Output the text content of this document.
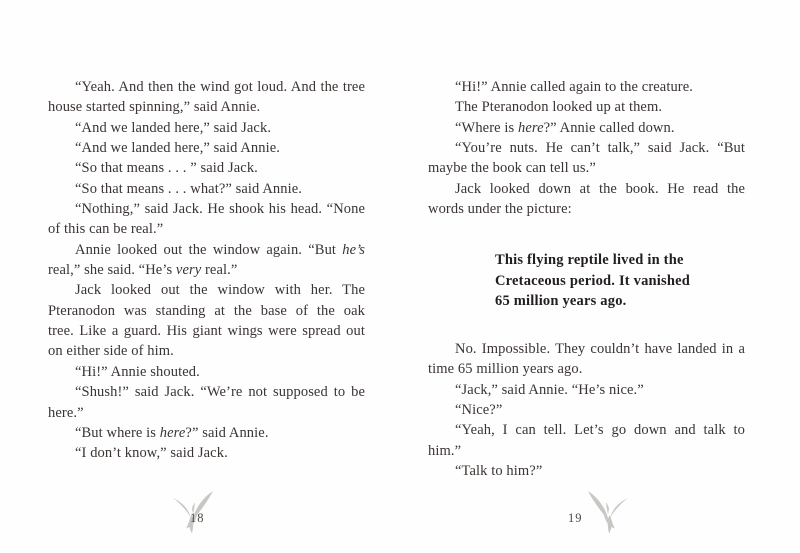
“Yeah. And then the wind got loud. And the tree
house started spinning,” said Annie.
“And we landed here,” said Jack.
“And we landed here,” said Annie.
“So that means . . . ” said Jack.
“So that means . . . what?” said Annie.
“Nothing,” said Jack. He shook his head. “None
of this can be real.”
Annie looked out the window again. “But he’s
real,” she said. “He’s very real.”
Jack looked out the window with her. The
Pteranodon was standing at the base of the oak
tree. Like a guard. His giant wings were spread out
on either side of him.
“Hi!” Annie shouted.
“Shush!” said Jack. “We’re not supposed to be
here.”
“But where is here?” said Annie.
“I don’t know,” said Jack.
“Hi!” Annie called again to the creature.
The Pteranodon looked up at them.
“Where is here?” Annie called down.
“You’re nuts. He can’t talk,” said Jack. “But
maybe the book can tell us.”
Jack looked down at the book. He read the
words under the picture:
This flying reptile lived in the
Cretaceous period. It vanished
65 million years ago.
No. Impossible. They couldn’t have landed in a
time 65 million years ago.
“Jack,” said Annie. “He’s nice.”
“Nice?”
“Yeah, I can tell. Let’s go down and talk to
him.”
“Talk to him?”
18	19
